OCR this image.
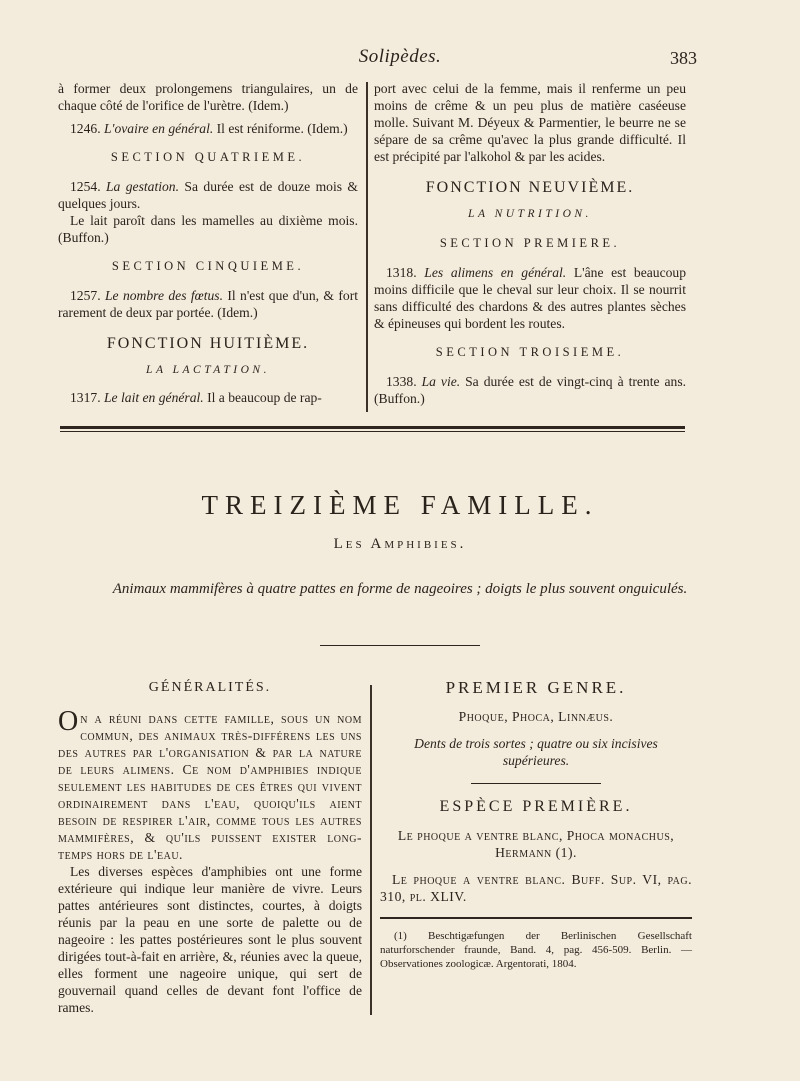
Solipèdes.	383

à former deux prolongemens triangulaires, un de chaque côté de l'orifice de l'urètre. (Idem.)

1246. L'ovaire en général. Il est réniforme. (Idem.)

SECTION QUATRIEME.

1254. La gestation. Sa durée est de douze mois & quelques jours.

Le lait paroît dans les mamelles au dixième mois. (Buffon.)

SECTION CINQUIEME.

1257. Le nombre des fœtus. Il n'est que d'un, & fort rarement de deux par portée. (Idem.)

FONCTION HUITIÈME.
LA LACTATION.

1317. Le lait en général. Il a beaucoup de rap-

port avec celui de la femme, mais il renferme un peu moins de crême & un peu plus de matière caséeuse molle. Suivant M. Déyeux & Parmentier, le beurre ne se sépare de sa crême qu'avec la plus grande difficulté. Il est précipité par l'alkohol & par les acides.

FONCTION NEUVIÈME.
LA NUTRITION.
SECTION PREMIERE.

1318. Les alimens en général. L'âne est beaucoup moins difficile que le cheval sur leur choix. Il se nourrit sans difficulté des chardons & des autres plantes sèches & épineuses qui bordent les routes.

SECTION TROISIEME.

1338. La vie. Sa durée est de vingt-cinq à trente ans. (Buffon.)

TREIZIÈME FAMILLE.
Les Amphibies.
Animaux mammifères à quatre pattes en forme de nageoires ; doigts le plus souvent onguiculés.
GÉNÉRALITÉS.

On a réuni dans cette famille, sous un nom commun, des animaux très-différens les uns des autres par l'organisation & par la nature de leurs alimens. Ce nom d'amphibies indique seulement les habitudes de ces êtres qui vivent ordinairement dans l'eau, quoiqu'ils aient besoin de respirer l'air, comme tous les autres mammifères, & qu'ils puissent exister long-temps hors de l'eau.

Les diverses espèces d'amphibies ont une forme extérieure qui indique leur manière de vivre. Leurs pattes antérieures sont distinctes, courtes, à doigts réunis par la peau en une sorte de palette ou de nageoire : les pattes postérieures sont le plus souvent dirigées tout-à-fait en arrière, &, réunies avec la queue, elles forment une nageoire unique, qui sert de gouvernail quand celles de devant font l'office de rames.

PREMIER GENRE.

Phoque, Phoca, Linnæus.

Dents de trois sortes ; quatre ou six incisives supérieures.

ESPÈCE PREMIÈRE.

Le phoque a ventre blanc, Phoca monachus, Hermann (1).

Le phoque a ventre blanc. Buff. Sup. VI, pag. 310, pl. XLIV.

(1) Beschtigæfungen der Berlinischen Gesellschaft naturforschender fraunde, Band. 4, pag. 456-509. Berlin. — Observationes zoologicæ. Argentorati, 1804.
